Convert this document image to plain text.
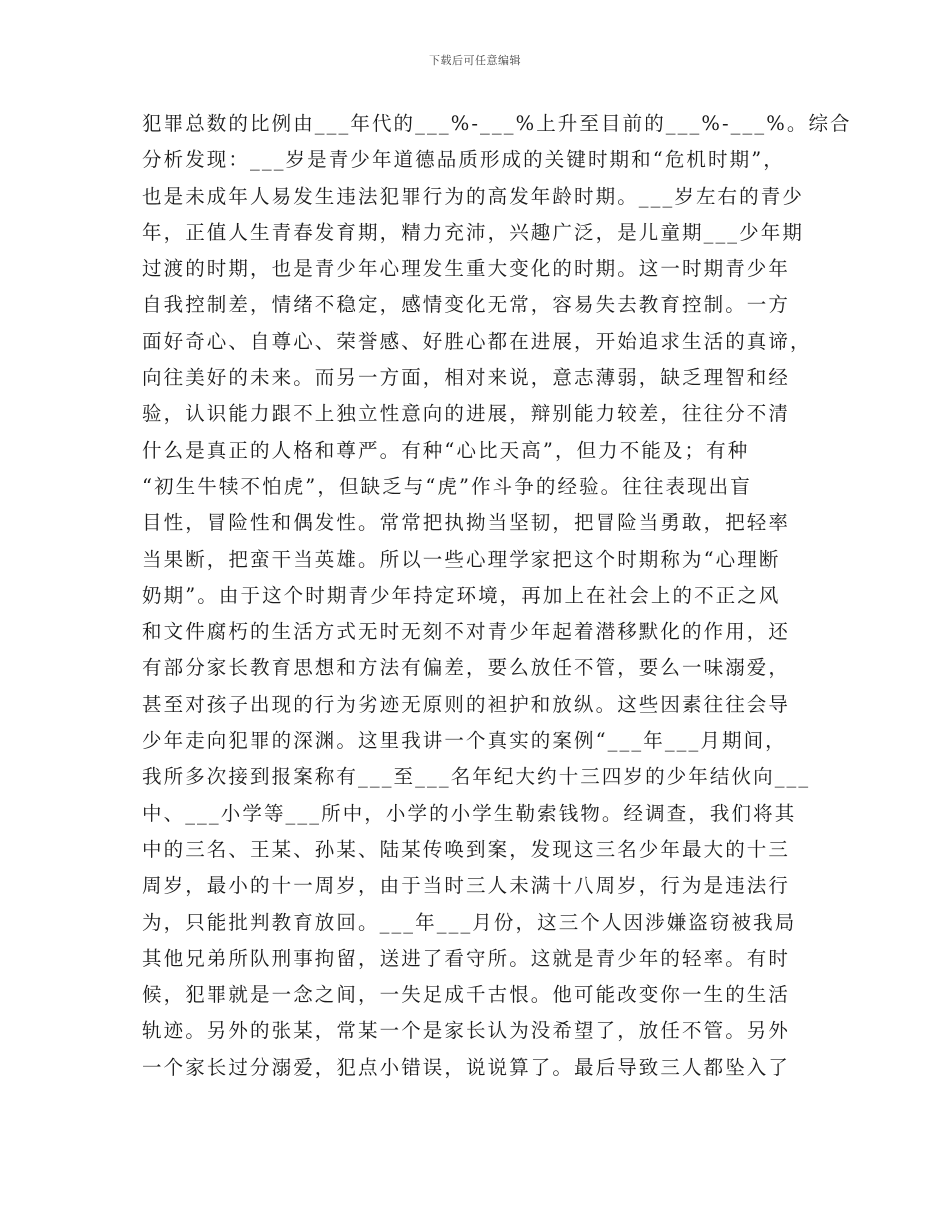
下载后可任意编辑
犯罪总数的比例由___年代的___%-___%上升至目前的___%-___%。综合
分析发现：___岁是青少年道德品质形成的关键时期和“危机时期”，
也是未成年人易发生违法犯罪行为的高发年龄时期。___岁左右的青少
年，正值人生青春发育期，精力充沛，兴趣广泛，是儿童期___少年期
过渡的时期，也是青少年心理发生重大变化的时期。这一时期青少年
自我控制差，情绪不稳定，感情变化无常，容易失去教育控制。一方
面好奇心、自尊心、荣誉感、好胜心都在进展，开始追求生活的真谛，
向往美好的未来。而另一方面，相对来说，意志薄弱，缺乏理智和经
验，认识能力跟不上独立性意向的进展，辩别能力较差，往往分不清
什么是真正的人格和尊严。有种“心比天高”，但力不能及；有种
“初生牛犊不怕虎”，但缺乏与“虎”作斗争的经验。往往表现出盲
目性，冒险性和偶发性。常常把执拗当坚韧，把冒险当勇敢，把轻率
当果断，把蛮干当英雄。所以一些心理学家把这个时期称为“心理断
奶期”。由于这个时期青少年持定环境，再加上在社会上的不正之风
和文件腐朽的生活方式无时无刻不对青少年起着潜移默化的作用，还
有部分家长教育思想和方法有偏差，要么放任不管，要么一味溺爱，
甚至对孩子出现的行为劣迹无原则的袒护和放纵。这些因素往往会导
少年走向犯罪的深渊。这里我讲一个真实的案例“___年___月期间，
我所多次接到报案称有___至___名年纪大约十三四岁的少年结伙向___
中、___小学等___所中，小学的小学生勒索钱物。经调查，我们将其
中的三名、王某、孙某、陆某传唤到案，发现这三名少年最大的十三
周岁，最小的十一周岁，由于当时三人未满十八周岁，行为是违法行
为，只能批判教育放回。___年___月份，这三个人因涉嫌盗窃被我局
其他兄弟所队刑事拘留，送进了看守所。这就是青少年的轻率。有时
候，犯罪就是一念之间，一失足成千古恨。他可能改变你一生的生活
轨迹。另外的张某，常某一个是家长认为没希望了，放任不管。另外
一个家长过分溺爱，犯点小错误，说说算了。最后导致三人都坠入了
